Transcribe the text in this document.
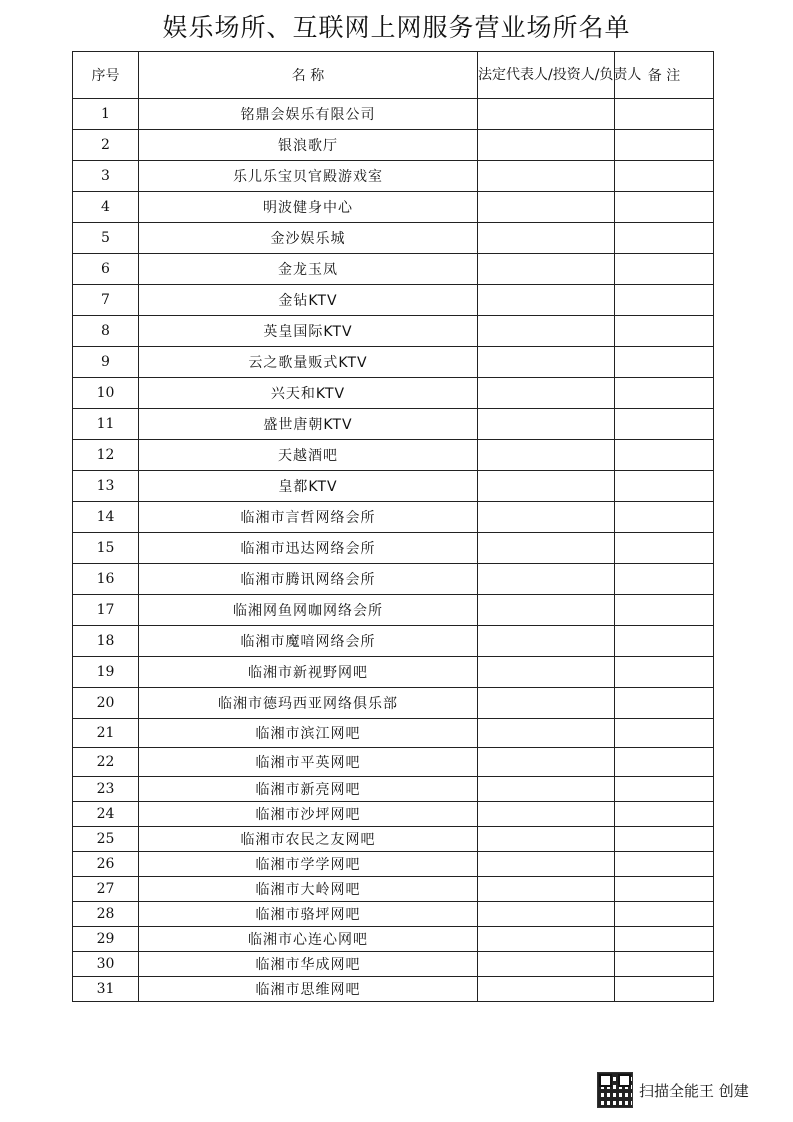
娱乐场所、互联网上网服务营业场所名单
序号	名 称	法定代表人/投资人/负责人	备 注
1	铭鼎会娱乐有限公司		
2	银浪歌厅		
3	乐儿乐宝贝官殿游戏室		
4	明波健身中心		
5	金沙娱乐城		
6	金龙玉凤		
7	金钻KTV		
8	英皇国际KTV		
9	云之歌量贩式KTV		
10	兴天和KTV		
11	盛世唐朝KTV		
12	天越酒吧		
13	皇都KTV		
14	临湘市言哲网络会所		
15	临湘市迅达网络会所		
16	临湘市腾讯网络会所		
17	临湘网鱼网咖网络会所		
18	临湘市魔喑网络会所		
19	临湘市新视野网吧		
20	临湘市德玛西亚网络俱乐部		
21	临湘市滨江网吧		
22	临湘市平英网吧		
23	临湘市新亮网吧		
24	临湘市沙坪网吧		
25	临湘市农民之友网吧		
26	临湘市学学网吧		
27	临湘市大岭网吧		
28	临湘市骆坪网吧		
29	临湘市心连心网吧		
30	临湘市华成网吧		
31	临湘市思维网吧		
扫描全能王 创建
